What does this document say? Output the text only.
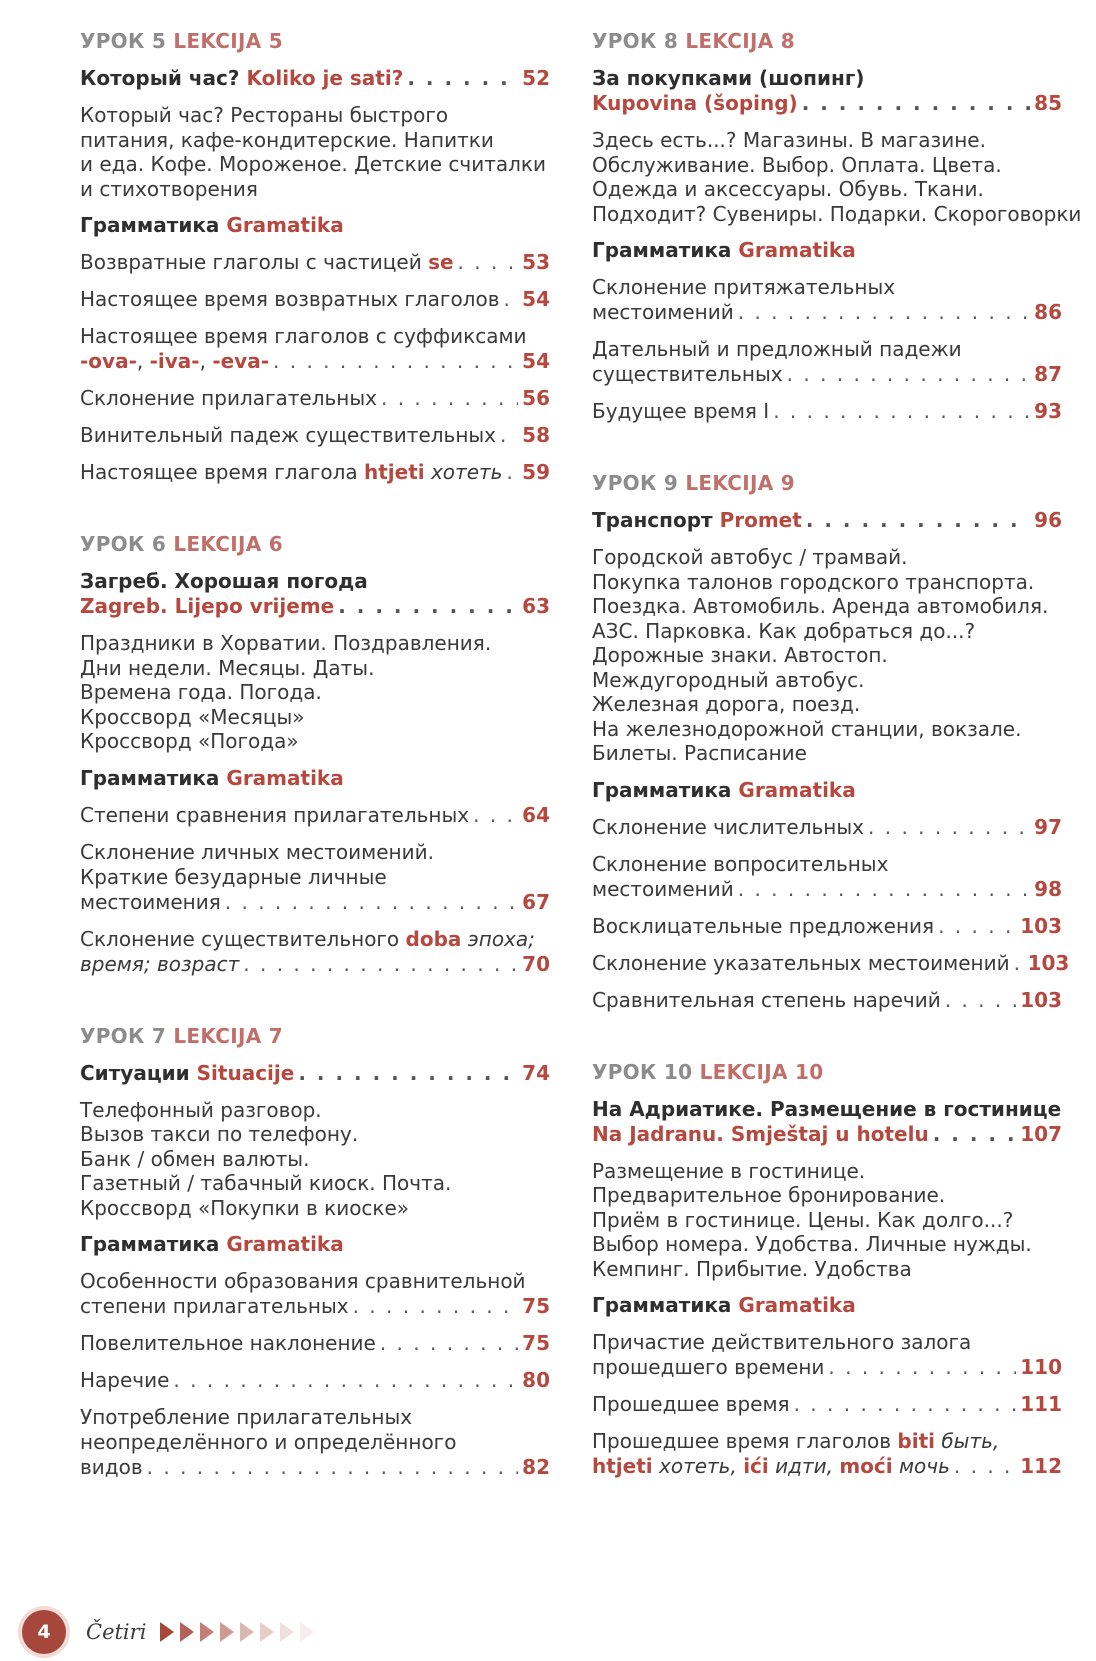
УРОК 5 LEKCIJA 5
Который час? Koliko je sati? . . .	52
Который час? Рестораны быстрого
питания, кафе-кондитерские. Напитки
и еда. Кофе. Мороженое. Детские считалки
и стихотворения
Грамматика Gramatika
Возвратные глаголы с частицей se . . .	53
Настоящее время возвратных глаголов . . . 54
Настоящее время глаголов с суффиксами
-ova-, -iva-, -eva- . . .	54
Склонение прилагательных . . .	56
Винительный падеж существительных . . . 58
Настоящее время глагола htjeti хотеть . . . 59
УРОК 6 LEKCIJA 6
Загреб. Хорошая погода
Zagreb. Lijepo vrijeme . . .	63
Праздники в Хорватии. Поздравления.
Дни недели. Месяцы. Даты.
Времена года. Погода.
Кроссворд «Месяцы»
Кроссворд «Погода»
Грамматика Gramatika
Степени сравнения прилагательных . . .	64
Склонение личных местоимений.
Краткие безударные личные
местоимения . . .	67
Склонение существительного doba эпоха;
время; возраст . . .	70
УРОК 7 LEKCIJA 7
Ситуации Situacije . . .	74
Телефонный разговор.
Вызов такси по телефону.
Банк / обмен валюты.
Газетный / табачный киоск. Почта.
Кроссворд «Покупки в киоске»
Грамматика Gramatika
Особенности образования сравнительной
степени прилагательных . . .	75
Повелительное наклонение . . .	75
Наречие . . .	80
Употребление прилагательных
неопределённого и определённого
видов . . .	82
УРОК 8 LEKCIJA 8
За покупками (шопинг)
Kupovina (šoping) . . .	85
Здесь есть...? Магазины. В магазине.
Обслуживание. Выбор. Оплата. Цвета.
Одежда и аксессуары. Обувь. Ткани.
Подходит? Сувениры. Подарки. Скороговорки
Грамматика Gramatika
Склонение притяжательных
местоимений . . .	86
Дательный и предложный падежи
существительных . . .	87
Будущее время I . . .	93
УРОК 9 LEKCIJA 9
Транспорт Promet . . .	96
Городской автобус / трамвай.
Покупка талонов городского транспорта.
Поездка. Автомобиль. Аренда автомобиля.
АЗС. Парковка. Как добраться до...?
Дорожные знаки. Автостоп.
Междугородный автобус.
Железная дорога, поезд.
На железнодорожной станции, вокзале.
Билеты. Расписание
Грамматика Gramatika
Склонение числительных . . .	97
Склонение вопросительных
местоимений . . .	98
Восклицательные предложения . . .	103
Склонение указательных местоимений . . . 103
Сравнительная степень наречий . . .	103
УРОК 10 LEKCIJA 10
На Адриатике. Размещение в гостинице
Na Jadranu. Smještaj u hotelu . . .	107
Размещение в гостинице.
Предварительное бронирование.
Приём в гостинице. Цены. Как долго...?
Выбор номера. Удобства. Личные нужды.
Кемпинг. Прибытие. Удобства
Грамматика Gramatika
Причастие действительного залога
прошедшего времени . . .	110
Прошедшее время . . .	111
Прошедшее время глаголов biti быть,
htjeti хотеть, ići идти, moći мочь . . .	112
4	Četiri
